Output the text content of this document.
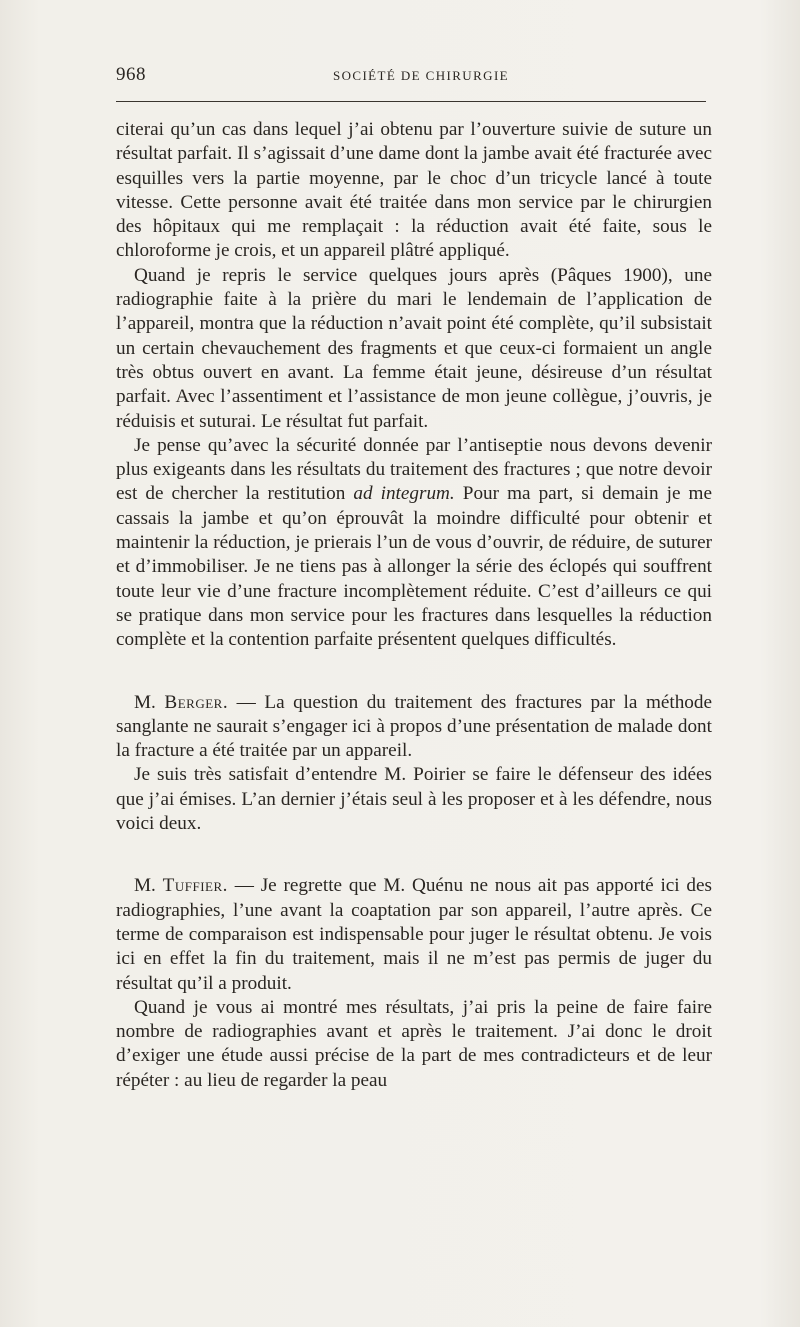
968	SOCIÉTÉ DE CHIRURGIE

citerai qu’un cas dans lequel j’ai obtenu par l’ouverture suivie de suture un résultat parfait. Il s’agissait d’une dame dont la jambe avait été fracturée avec esquilles vers la partie moyenne, par le choc d’un tricycle lancé à toute vitesse. Cette personne avait été traitée dans mon service par le chirurgien des hôpitaux qui me remplaçait : la réduction avait été faite, sous le chloroforme je crois, et un appareil plâtré appliqué.

Quand je repris le service quelques jours après (Pâques 1900), une radiographie faite à la prière du mari le lendemain de l’application de l’appareil, montra que la réduction n’avait point été complète, qu’il subsistait un certain chevauchement des fragments et que ceux-ci formaient un angle très obtus ouvert en avant. La femme était jeune, désireuse d’un résultat parfait. Avec l’assentiment et l’assistance de mon jeune collègue, j’ouvris, je réduisis et suturai. Le résultat fut parfait.

Je pense qu’avec la sécurité donnée par l’antiseptie nous devons devenir plus exigeants dans les résultats du traitement des fractures ; que notre devoir est de chercher la restitution ad integrum. Pour ma part, si demain je me cassais la jambe et qu’on éprouvât la moindre difficulté pour obtenir et maintenir la réduction, je prierais l’un de vous d’ouvrir, de réduire, de suturer et d’immobiliser. Je ne tiens pas à allonger la série des éclopés qui souffrent toute leur vie d’une fracture incomplètement réduite. C’est d’ailleurs ce qui se pratique dans mon service pour les fractures dans lesquelles la réduction complète et la contention parfaite présentent quelques difficultés.

M. Berger. — La question du traitement des fractures par la méthode sanglante ne saurait s’engager ici à propos d’une présentation de malade dont la fracture a été traitée par un appareil.

Je suis très satisfait d’entendre M. Poirier se faire le défenseur des idées que j’ai émises. L’an dernier j’étais seul à les proposer et à les défendre, nous voici deux.

M. Tuffier. — Je regrette que M. Quénu ne nous ait pas apporté ici des radiographies, l’une avant la coaptation par son appareil, l’autre après. Ce terme de comparaison est indispensable pour juger le résultat obtenu. Je vois ici en effet la fin du traitement, mais il ne m’est pas permis de juger du résultat qu’il a produit.

Quand je vous ai montré mes résultats, j’ai pris la peine de faire faire nombre de radiographies avant et après le traitement. J’ai donc le droit d’exiger une étude aussi précise de la part de mes contradicteurs et de leur répéter : au lieu de regarder la peau
